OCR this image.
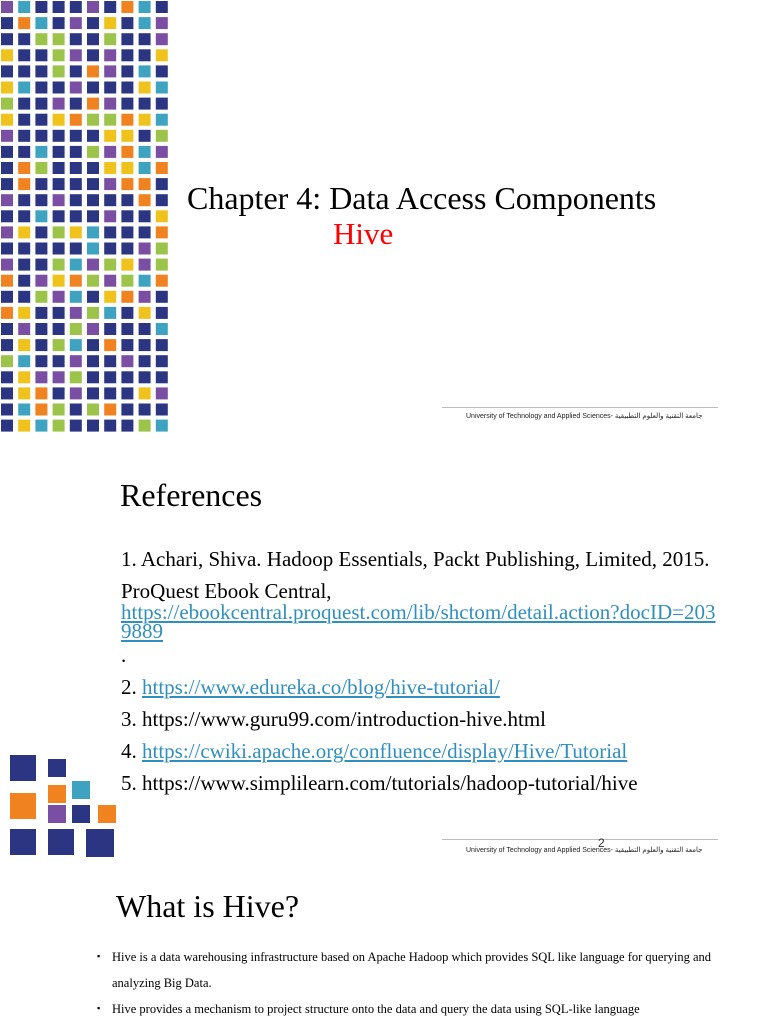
Chapter 4: Data Access Components
Hive
University of Technology and Applied Sciences- جامعة التقنية والعلوم التطبيقية
References

1. Achari, Shiva. Hadoop Essentials, Packt Publishing, Limited, 2015.

ProQuest Ebook Central,

https://ebookcentral.proquest.com/lib/shctom/detail.action?docID=2039889

.

2. https://www.edureka.co/blog/hive-tutorial/

3. https://www.guru99.com/introduction-hive.html

4. https://cwiki.apache.org/confluence/display/Hive/Tutorial

5. https://www.simplilearn.com/tutorials/hadoop-tutorial/hive

2
University of Technology and Applied Sciences- جامعة التقنية والعلوم التطبيقية
What is Hive?
▪ Hive is a data warehousing infrastructure based on Apache Hadoop which provides SQL like language for querying and analyzing Big Data.
▪ Hive provides a mechanism to project structure onto the data and query the data using SQL-like language
